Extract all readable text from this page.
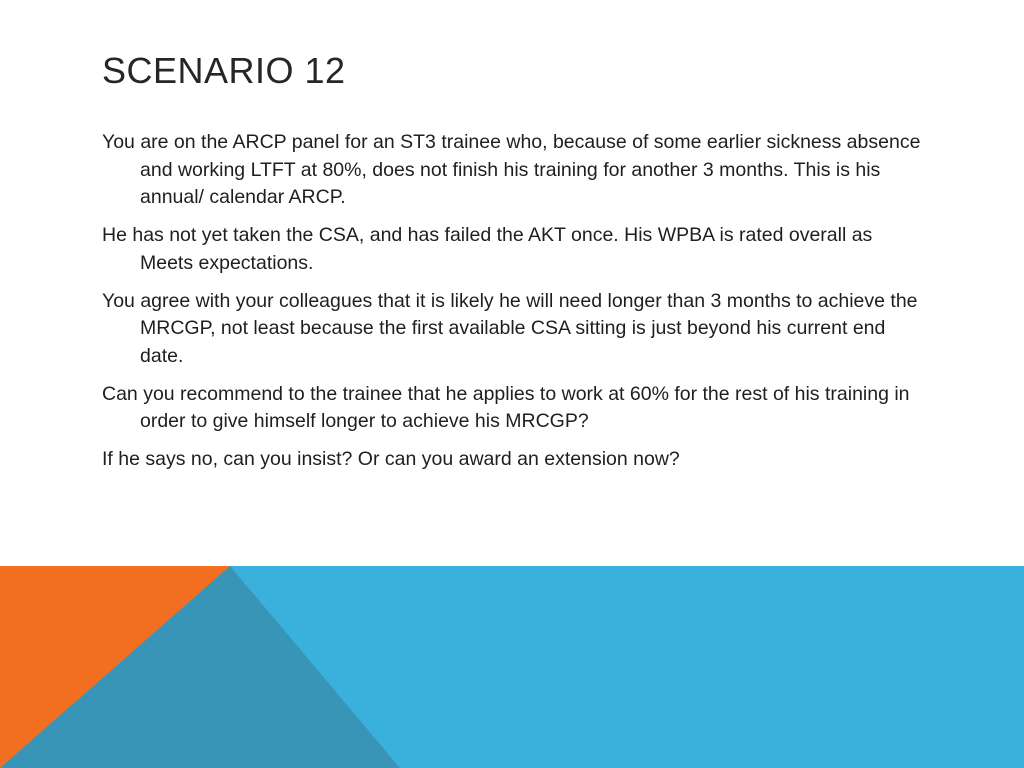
SCENARIO 12

You are on the ARCP panel for an ST3 trainee who, because of some earlier sickness absence and working LTFT at 80%, does not finish his training for another 3 months. This is his annual/ calendar ARCP.

He has not yet taken the CSA, and has failed the AKT once. His WPBA is rated overall as Meets expectations.

You agree with your colleagues that it is likely he will need longer than 3 months to achieve the MRCGP, not least because the first available CSA sitting is just beyond his current end date.

Can you recommend to the trainee that he applies to work at 60% for the rest of his training in order to give himself longer to achieve his MRCGP?

If he says no, can you insist? Or can you award an extension now?
